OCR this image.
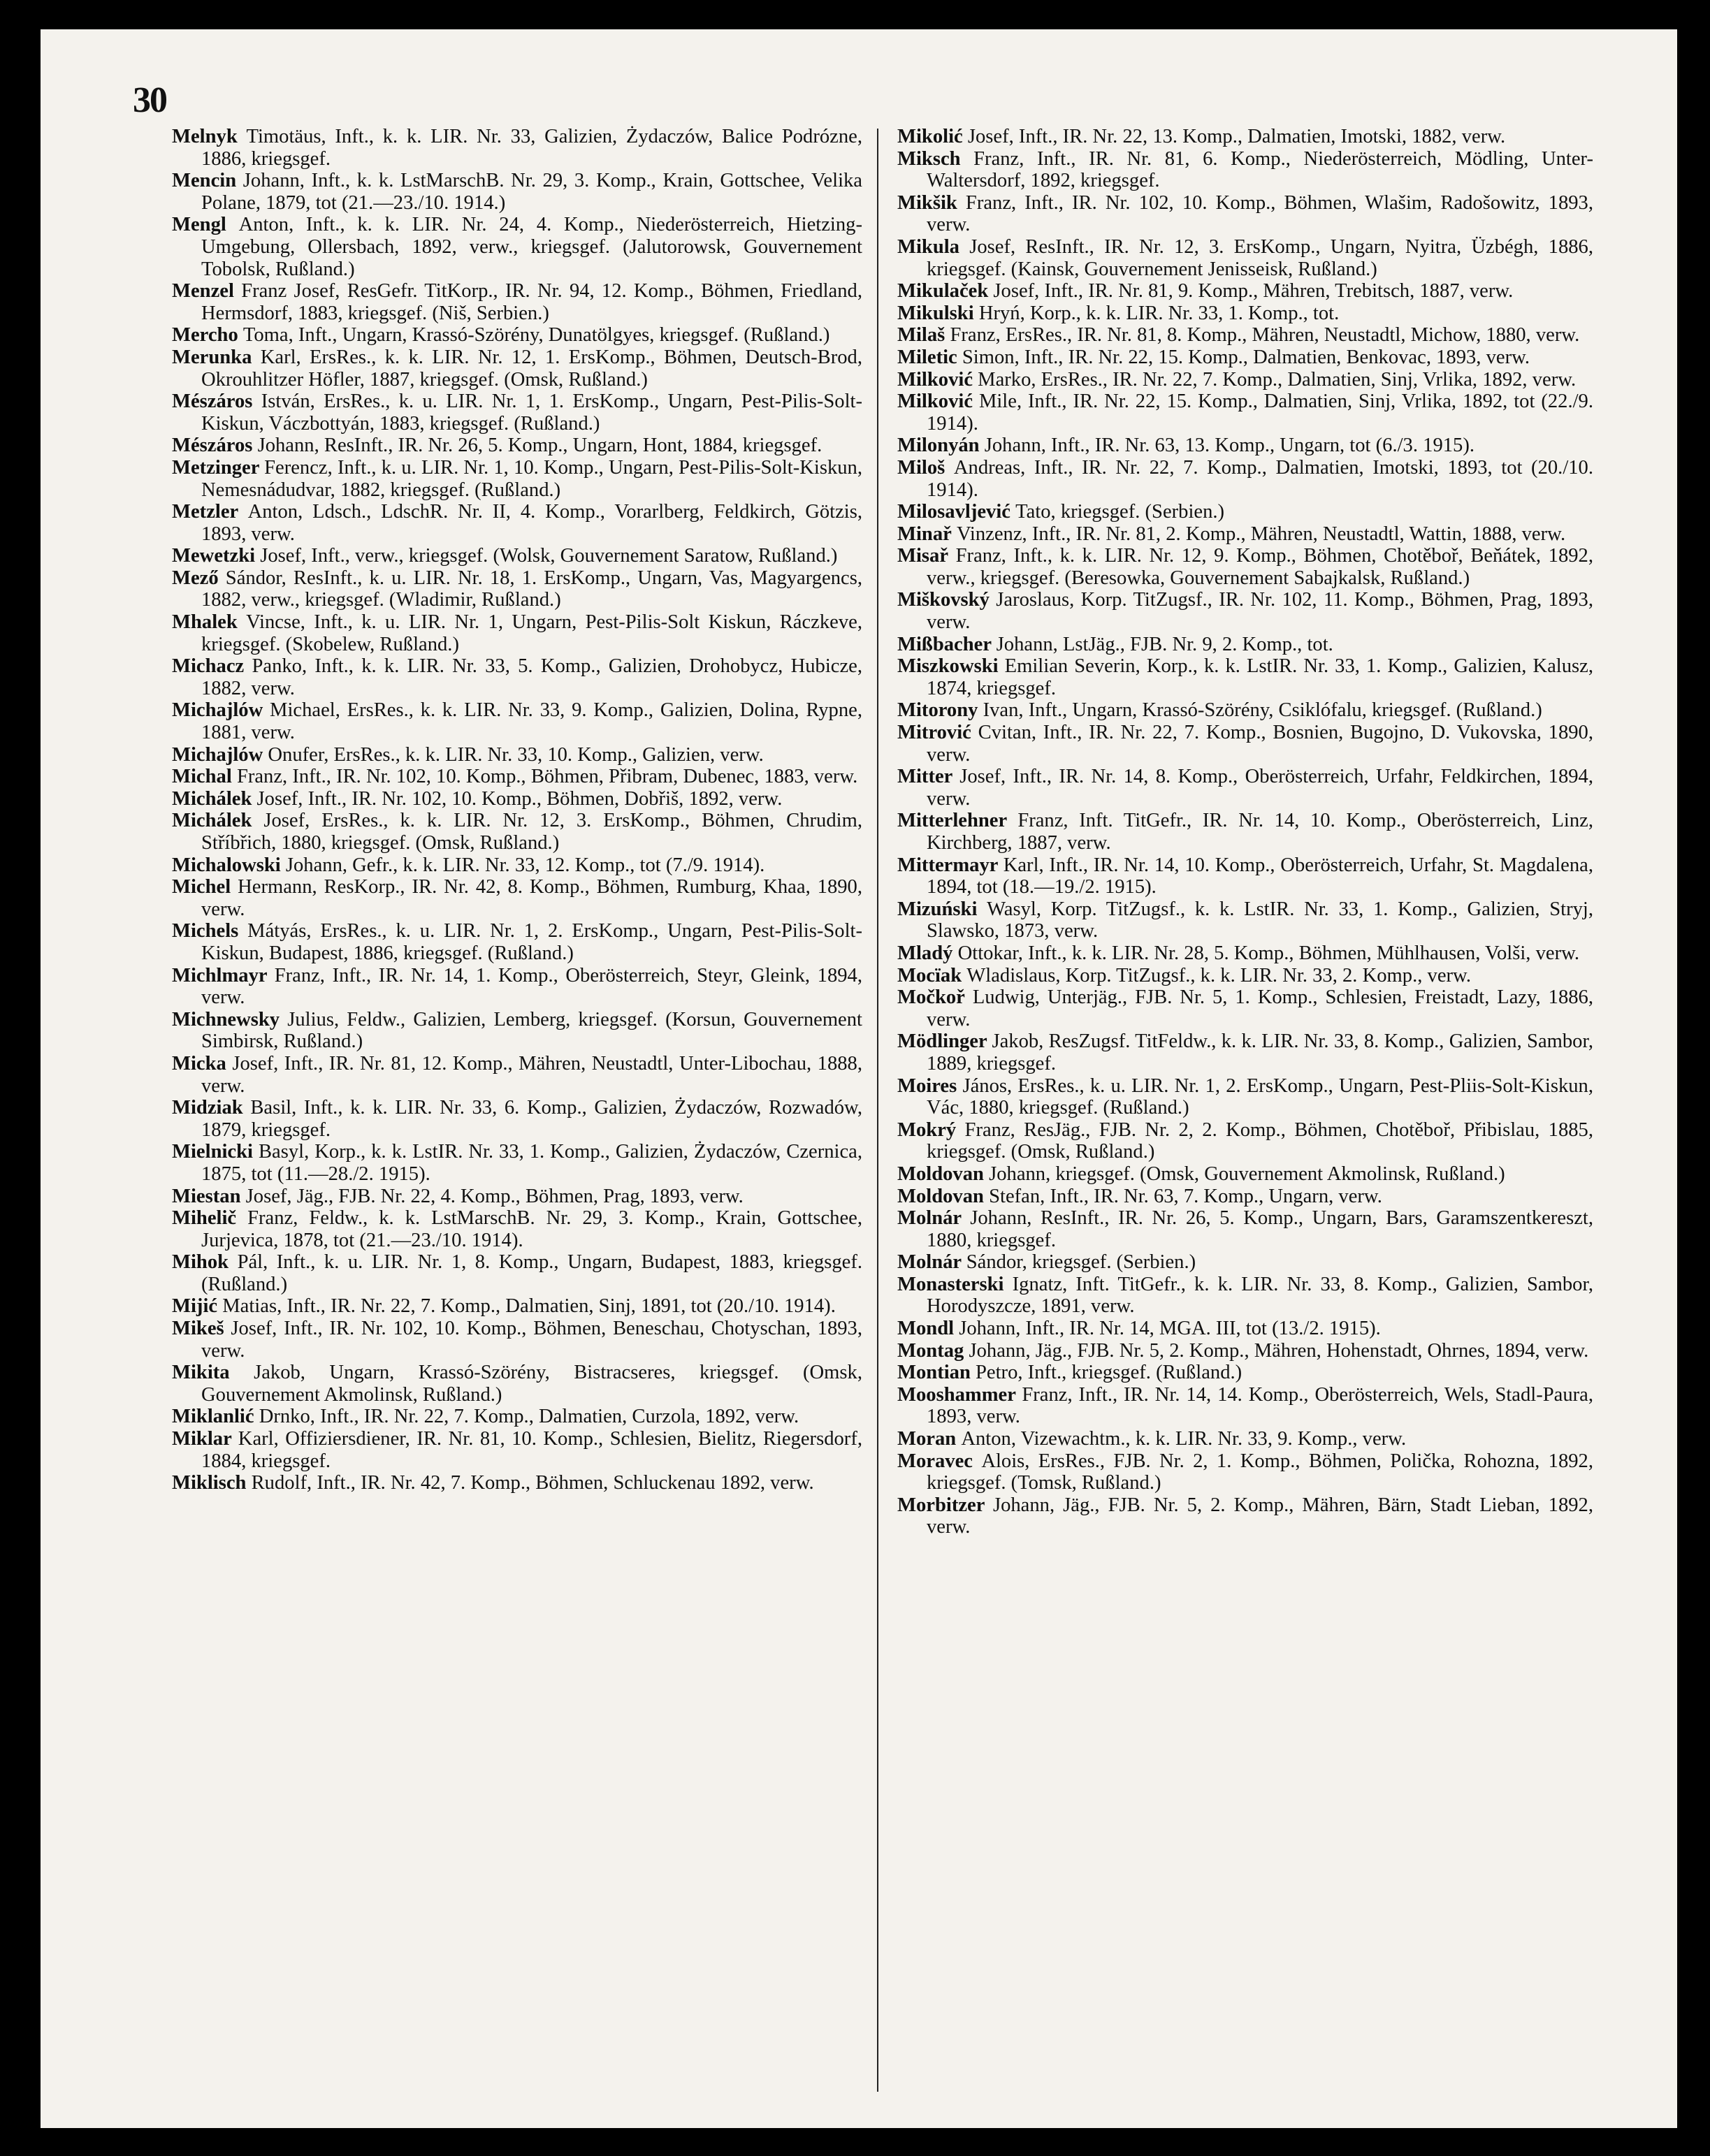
30

Melnyk Timotäus, Inft., k. k. LIR. Nr. 33, Galizien, Żydaczów, Balice Podrózne, 1886, kriegsgef.

Mencin Johann, Inft., k. k. LstMarschB. Nr. 29, 3. Komp., Krain, Gottschee, Velika Polane, 1879, tot (21.—23./10. 1914.)

Mengl Anton, Inft., k. k. LIR. Nr. 24, 4. Komp., Niederösterreich, Hietzing-Umgebung, Ollersbach, 1892, verw., kriegsgef. (Jalutorowsk, Gouvernement Tobolsk, Rußland.)

Menzel Franz Josef, ResGefr. TitKorp., IR. Nr. 94, 12. Komp., Böhmen, Friedland, Hermsdorf, 1883, kriegsgef. (Niš, Serbien.)

Mercho Toma, Inft., Ungarn, Krassó-Szörény, Dunatölgyes, kriegsgef. (Rußland.)

Merunka Karl, ErsRes., k. k. LIR. Nr. 12, 1. ErsKomp., Böhmen, Deutsch-Brod, Okrouhlitzer Höfler, 1887, kriegsgef. (Omsk, Rußland.)

Mészáros István, ErsRes., k. u. LIR. Nr. 1, 1. ErsKomp., Ungarn, Pest-Pilis-Solt-Kiskun, Váczbottyán, 1883, kriegsgef. (Rußland.)

Mészáros Johann, ResInft., IR. Nr. 26, 5. Komp., Ungarn, Hont, 1884, kriegsgef.

Metzinger Ferencz, Inft., k. u. LIR. Nr. 1, 10. Komp., Ungarn, Pest-Pilis-Solt-Kiskun, Nemesnádudvar, 1882, kriegsgef. (Rußland.)

Metzler Anton, Ldsch., LdschR. Nr. II, 4. Komp., Vorarlberg, Feldkirch, Götzis, 1893, verw.

Mewetzki Josef, Inft., verw., kriegsgef. (Wolsk, Gouvernement Saratow, Rußland.)

Mező Sándor, ResInft., k. u. LIR. Nr. 18, 1. ErsKomp., Ungarn, Vas, Magyargencs, 1882, verw., kriegsgef. (Wladimir, Rußland.)

Mhalek Vincse, Inft., k. u. LIR. Nr. 1, Ungarn, Pest-Pilis-Solt Kiskun, Ráczkeve, kriegsgef. (Skobelew, Rußland.)

Michacz Panko, Inft., k. k. LIR. Nr. 33, 5. Komp., Galizien, Drohobycz, Hubicze, 1882, verw.

Michajlów Michael, ErsRes., k. k. LIR. Nr. 33, 9. Komp., Galizien, Dolina, Rypne, 1881, verw.

Michajlów Onufer, ErsRes., k. k. LIR. Nr. 33, 10. Komp., Galizien, verw.

Michal Franz, Inft., IR. Nr. 102, 10. Komp., Böhmen, Přibram, Dubenec, 1883, verw.

Michálek Josef, Inft., IR. Nr. 102, 10. Komp., Böhmen, Dobřiš, 1892, verw.

Michálek Josef, ErsRes., k. k. LIR. Nr. 12, 3. ErsKomp., Böhmen, Chrudim, Stříbřich, 1880, kriegsgef. (Omsk, Rußland.)

Michalowski Johann, Gefr., k. k. LIR. Nr. 33, 12. Komp., tot (7./9. 1914).

Michel Hermann, ResKorp., IR. Nr. 42, 8. Komp., Böhmen, Rumburg, Khaa, 1890, verw.

Michels Mátyás, ErsRes., k. u. LIR. Nr. 1, 2. ErsKomp., Ungarn, Pest-Pilis-Solt-Kiskun, Budapest, 1886, kriegsgef. (Rußland.)

Michlmayr Franz, Inft., IR. Nr. 14, 1. Komp., Oberösterreich, Steyr, Gleink, 1894, verw.

Michnewsky Julius, Feldw., Galizien, Lemberg, kriegsgef. (Korsun, Gouvernement Simbirsk, Rußland.)

Micka Josef, Inft., IR. Nr. 81, 12. Komp., Mähren, Neustadtl, Unter-Libochau, 1888, verw.

Midziak Basil, Inft., k. k. LIR. Nr. 33, 6. Komp., Galizien, Żydaczów, Rozwadów, 1879, kriegsgef.

Mielnicki Basyl, Korp., k. k. LstIR. Nr. 33, 1. Komp., Galizien, Żydaczów, Czernica, 1875, tot (11.—28./2. 1915).

Miestan Josef, Jäg., FJB. Nr. 22, 4. Komp., Böhmen, Prag, 1893, verw.

Mihelič Franz, Feldw., k. k. LstMarschB. Nr. 29, 3. Komp., Krain, Gottschee, Jurjevica, 1878, tot (21.—23./10. 1914).

Mihok Pál, Inft., k. u. LIR. Nr. 1, 8. Komp., Ungarn, Budapest, 1883, kriegsgef. (Rußland.)

Mijić Matias, Inft., IR. Nr. 22, 7. Komp., Dalmatien, Sinj, 1891, tot (20./10. 1914).

Mikeš Josef, Inft., IR. Nr. 102, 10. Komp., Böhmen, Beneschau, Chotyschan, 1893, verw.

Mikita Jakob, Ungarn, Krassó-Szörény, Bistracseres, kriegsgef. (Omsk, Gouvernement Akmolinsk, Rußland.)

Miklanlić Drnko, Inft., IR. Nr. 22, 7. Komp., Dalmatien, Curzola, 1892, verw.

Miklar Karl, Offiziersdiener, IR. Nr. 81, 10. Komp., Schlesien, Bielitz, Riegersdorf, 1884, kriegsgef.

Miklisch Rudolf, Inft., IR. Nr. 42, 7. Komp., Böhmen, Schluckenau 1892, verw.

Mikolić Josef, Inft., IR. Nr. 22, 13. Komp., Dalmatien, Imotski, 1882, verw.

Miksch Franz, Inft., IR. Nr. 81, 6. Komp., Niederösterreich, Mödling, Unter-Waltersdorf, 1892, kriegsgef.

Mikšik Franz, Inft., IR. Nr. 102, 10. Komp., Böhmen, Wlašim, Radošowitz, 1893, verw.

Mikula Josef, ResInft., IR. Nr. 12, 3. ErsKomp., Ungarn, Nyitra, Üzbégh, 1886, kriegsgef. (Kainsk, Gouvernement Jenisseisk, Rußland.)

Mikulaček Josef, Inft., IR. Nr. 81, 9. Komp., Mähren, Trebitsch, 1887, verw.

Mikulski Hryń, Korp., k. k. LIR. Nr. 33, 1. Komp., tot.

Milaš Franz, ErsRes., IR. Nr. 81, 8. Komp., Mähren, Neustadtl, Michow, 1880, verw.

Miletic Simon, Inft., IR. Nr. 22, 15. Komp., Dalmatien, Benkovac, 1893, verw.

Milković Marko, ErsRes., IR. Nr. 22, 7. Komp., Dalmatien, Sinj, Vrlika, 1892, verw.

Milković Mile, Inft., IR. Nr. 22, 15. Komp., Dalmatien, Sinj, Vrlika, 1892, tot (22./9. 1914).

Milonyán Johann, Inft., IR. Nr. 63, 13. Komp., Ungarn, tot (6./3. 1915).

Miloš Andreas, Inft., IR. Nr. 22, 7. Komp., Dalmatien, Imotski, 1893, tot (20./10. 1914).

Milosavljević Tato, kriegsgef. (Serbien.)

Minař Vinzenz, Inft., IR. Nr. 81, 2. Komp., Mähren, Neustadtl, Wattin, 1888, verw.

Misař Franz, Inft., k. k. LIR. Nr. 12, 9. Komp., Böhmen, Chotěboř, Beňátek, 1892, verw., kriegsgef. (Beresowka, Gouvernement Sabajkalsk, Rußland.)

Miškovský Jaroslaus, Korp. TitZugsf., IR. Nr. 102, 11. Komp., Böhmen, Prag, 1893, verw.

Mißbacher Johann, LstJäg., FJB. Nr. 9, 2. Komp., tot.

Miszkowski Emilian Severin, Korp., k. k. LstIR. Nr. 33, 1. Komp., Galizien, Kalusz, 1874, kriegsgef.

Mitorony Ivan, Inft., Ungarn, Krassó-Szörény, Csiklófalu, kriegsgef. (Rußland.)

Mitrović Cvitan, Inft., IR. Nr. 22, 7. Komp., Bosnien, Bugojno, D. Vukovska, 1890, verw.

Mitter Josef, Inft., IR. Nr. 14, 8. Komp., Oberösterreich, Urfahr, Feldkirchen, 1894, verw.

Mitterlehner Franz, Inft. TitGefr., IR. Nr. 14, 10. Komp., Oberösterreich, Linz, Kirchberg, 1887, verw.

Mittermayr Karl, Inft., IR. Nr. 14, 10. Komp., Oberösterreich, Urfahr, St. Magdalena, 1894, tot (18.—19./2. 1915).

Mizuński Wasyl, Korp. TitZugsf., k. k. LstIR. Nr. 33, 1. Komp., Galizien, Stryj, Slawsko, 1873, verw.

Mladý Ottokar, Inft., k. k. LIR. Nr. 28, 5. Komp., Böhmen, Mühlhausen, Volši, verw.

Mocïak Wladislaus, Korp. TitZugsf., k. k. LIR. Nr. 33, 2. Komp., verw.

Močkoř Ludwig, Unterjäg., FJB. Nr. 5, 1. Komp., Schlesien, Freistadt, Lazy, 1886, verw.

Mödlinger Jakob, ResZugsf. TitFeldw., k. k. LIR. Nr. 33, 8. Komp., Galizien, Sambor, 1889, kriegsgef.

Moires János, ErsRes., k. u. LIR. Nr. 1, 2. ErsKomp., Ungarn, Pest-Pliis-Solt-Kiskun, Vác, 1880, kriegsgef. (Rußland.)

Mokrý Franz, ResJäg., FJB. Nr. 2, 2. Komp., Böhmen, Chotěboř, Přibislau, 1885, kriegsgef. (Omsk, Rußland.)

Moldovan Johann, kriegsgef. (Omsk, Gouvernement Akmolinsk, Rußland.)

Moldovan Stefan, Inft., IR. Nr. 63, 7. Komp., Ungarn, verw.

Molnár Johann, ResInft., IR. Nr. 26, 5. Komp., Ungarn, Bars, Garamszentkereszt, 1880, kriegsgef.

Molnár Sándor, kriegsgef. (Serbien.)

Monasterski Ignatz, Inft. TitGefr., k. k. LIR. Nr. 33, 8. Komp., Galizien, Sambor, Horodyszcze, 1891, verw.

Mondl Johann, Inft., IR. Nr. 14, MGA. III, tot (13./2. 1915).

Montag Johann, Jäg., FJB. Nr. 5, 2. Komp., Mähren, Hohenstadt, Ohrnes, 1894, verw.

Montian Petro, Inft., kriegsgef. (Rußland.)

Mooshammer Franz, Inft., IR. Nr. 14, 14. Komp., Oberösterreich, Wels, Stadl-Paura, 1893, verw.

Moran Anton, Vizewachtm., k. k. LIR. Nr. 33, 9. Komp., verw.

Moravec Alois, ErsRes., FJB. Nr. 2, 1. Komp., Böhmen, Polička, Rohozna, 1892, kriegsgef. (Tomsk, Rußland.)

Morbitzer Johann, Jäg., FJB. Nr. 5, 2. Komp., Mähren, Bärn, Stadt Lieban, 1892, verw.
